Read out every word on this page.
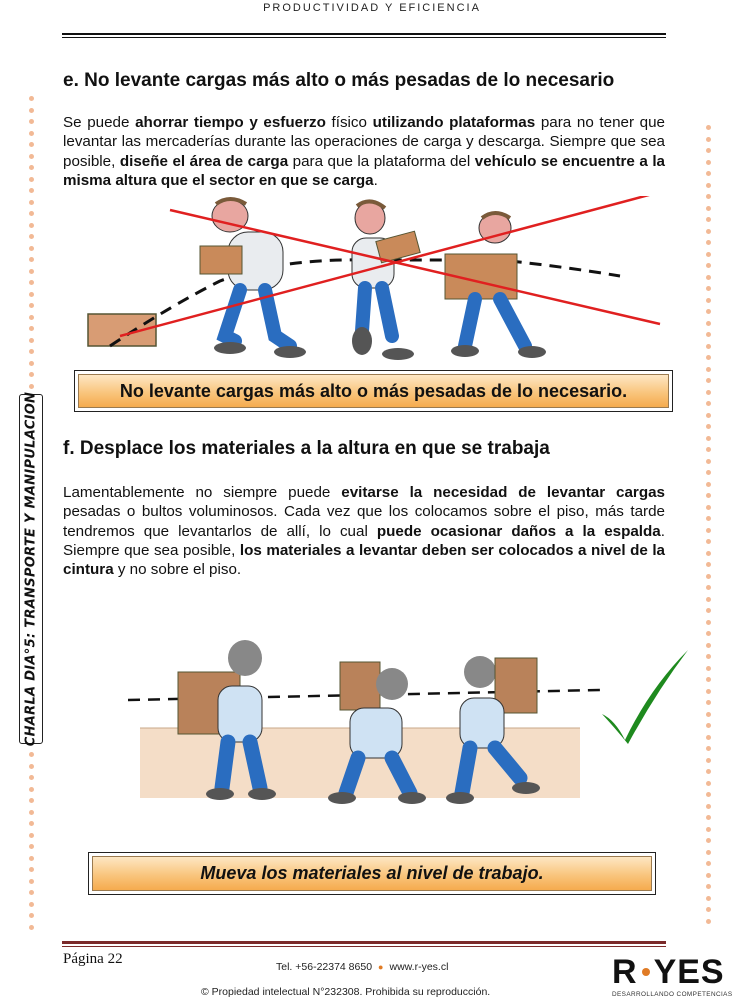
PRODUCTIVIDAD Y EFICIENCIA
CHARLA DIA°5: TRANSPORTE Y MANIPULACION
e. No levante cargas más alto o más pesadas de lo necesario
Se puede ahorrar tiempo y esfuerzo físico utilizando plataformas para no tener que levantar las mercaderías durante las operaciones de carga y descarga. Siempre que sea posible, diseñe el área de carga para que la plataforma del vehículo se encuentre a la misma altura que el sector en que se carga.
No levante cargas más alto o más pesadas de lo necesario.
f. Desplace los materiales a la altura en que se trabaja
Lamentablemente no siempre puede evitarse la necesidad de levantar cargas pesadas o bultos voluminosos. Cada vez que los colocamos sobre el piso, más tarde tendremos que levantarlos de allí, lo cual puede ocasionar daños a la espalda. Siempre que sea posible, los materiales a levantar deben ser colocados a nivel de la cintura y no sobre el piso.
Mueva los materiales al nivel de trabajo.
Página 22	Tel. +56-22374 8650 ● www.r-yes.cl
© Propiedad intelectual N°232308. Prohibida su reproducción.
R YES
DESARROLLANDO COMPETENCIAS
